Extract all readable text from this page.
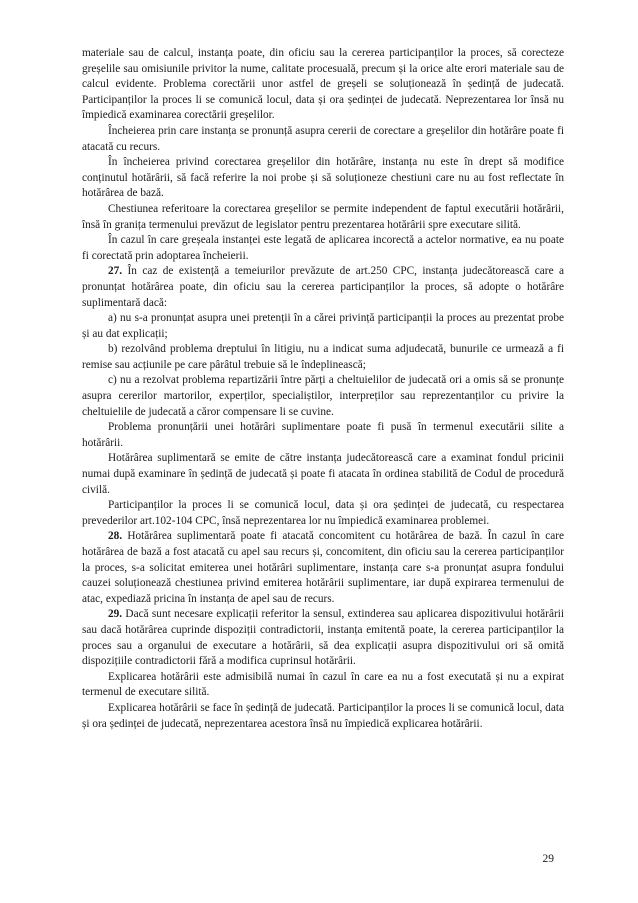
materiale sau de calcul, instanța poate, din oficiu sau la cererea participanților la proces, să corecteze greșelile sau omisiunile privitor la nume, calitate procesuală, precum și la orice alte erori materiale sau de calcul evidente. Problema corectării unor astfel de greșeli se soluționează în ședință de judecată. Participanților la proces li se comunică locul, data și ora ședinței de judecată. Neprezentarea lor însă nu împiedică examinarea corectării greșelilor.

Încheierea prin care instanța se pronunță asupra cererii de corectare a greșelilor din hotărâre poate fi atacată cu recurs.

În încheierea privind corectarea greșelilor din hotărâre, instanța nu este în drept să modifice conținutul hotărârii, să facă referire la noi probe și să soluționeze chestiuni care nu au fost reflectate în hotărârea de bază.

Chestiunea referitoare la corectarea greșelilor se permite independent de faptul executării hotărârii, însă în granița termenului prevăzut de legislator pentru prezentarea hotărârii spre executare silită.

În cazul în care greșeala instanței este legată de aplicarea incorectă a actelor normative, ea nu poate fi corectată prin adoptarea încheierii.

27. În caz de existență a temeiurilor prevăzute de art.250 CPC, instanța judecătorească care a pronunțat hotărârea poate, din oficiu sau la cererea participanților la proces, să adopte o hotărâre suplimentară dacă:

a) nu s-a pronunțat asupra unei pretenții în a cărei privință participanții la proces au prezentat probe și au dat explicații;

b) rezolvând problema dreptului în litigiu, nu a indicat suma adjudecată, bunurile ce urmează a fi remise sau acțiunile pe care pârâtul trebuie să le îndeplinească;

c) nu a rezolvat problema repartizării între părți a cheltuielilor de judecată ori a omis să se pronunțe asupra cererilor martorilor, experților, specialiștilor, interpreților sau reprezentanților cu privire la cheltuielile de judecată a căror compensare li se cuvine.

Problema pronunțării unei hotărâri suplimentare poate fi pusă în termenul executării silite a hotărârii.

Hotărârea suplimentară se emite de către instanța judecătorească care a examinat fondul pricinii numai după examinare în ședință de judecată și poate fi atacata în ordinea stabilită de Codul de procedură civilă.

Participanților la proces li se comunică locul, data și ora ședinței de judecată, cu respectarea prevederilor art.102-104 CPC, însă neprezentarea lor nu împiedică examinarea problemei.

28. Hotărârea suplimentară poate fi atacată concomitent cu hotărârea de bază. În cazul în care hotărârea de bază a fost atacată cu apel sau recurs și, concomitent, din oficiu sau la cererea participanților la proces, s-a solicitat emiterea unei hotărâri suplimentare, instanța care s-a pronunțat asupra fondului cauzei soluționează chestiunea privind emiterea hotărârii suplimentare, iar după expirarea termenului de atac, expediază pricina în instanța de apel sau de recurs.

29. Dacă sunt necesare explicații referitor la sensul, extinderea sau aplicarea dispozitivului hotărârii sau dacă hotărârea cuprinde dispoziții contradictorii, instanța emitentă poate, la cererea participanților la proces sau a organului de executare a hotărârii, să dea explicații asupra dispozitivului ori să omită dispozițiile contradictorii fără a modifica cuprinsul hotărârii.

Explicarea hotărârii este admisibilă numai în cazul în care ea nu a fost executată și nu a expirat termenul de executare silită.

Explicarea hotărârii se face în ședință de judecată. Participanților la proces li se comunică locul, data și ora ședinței de judecată, neprezentarea acestora însă nu împiedică explicarea hotărârii.

29
